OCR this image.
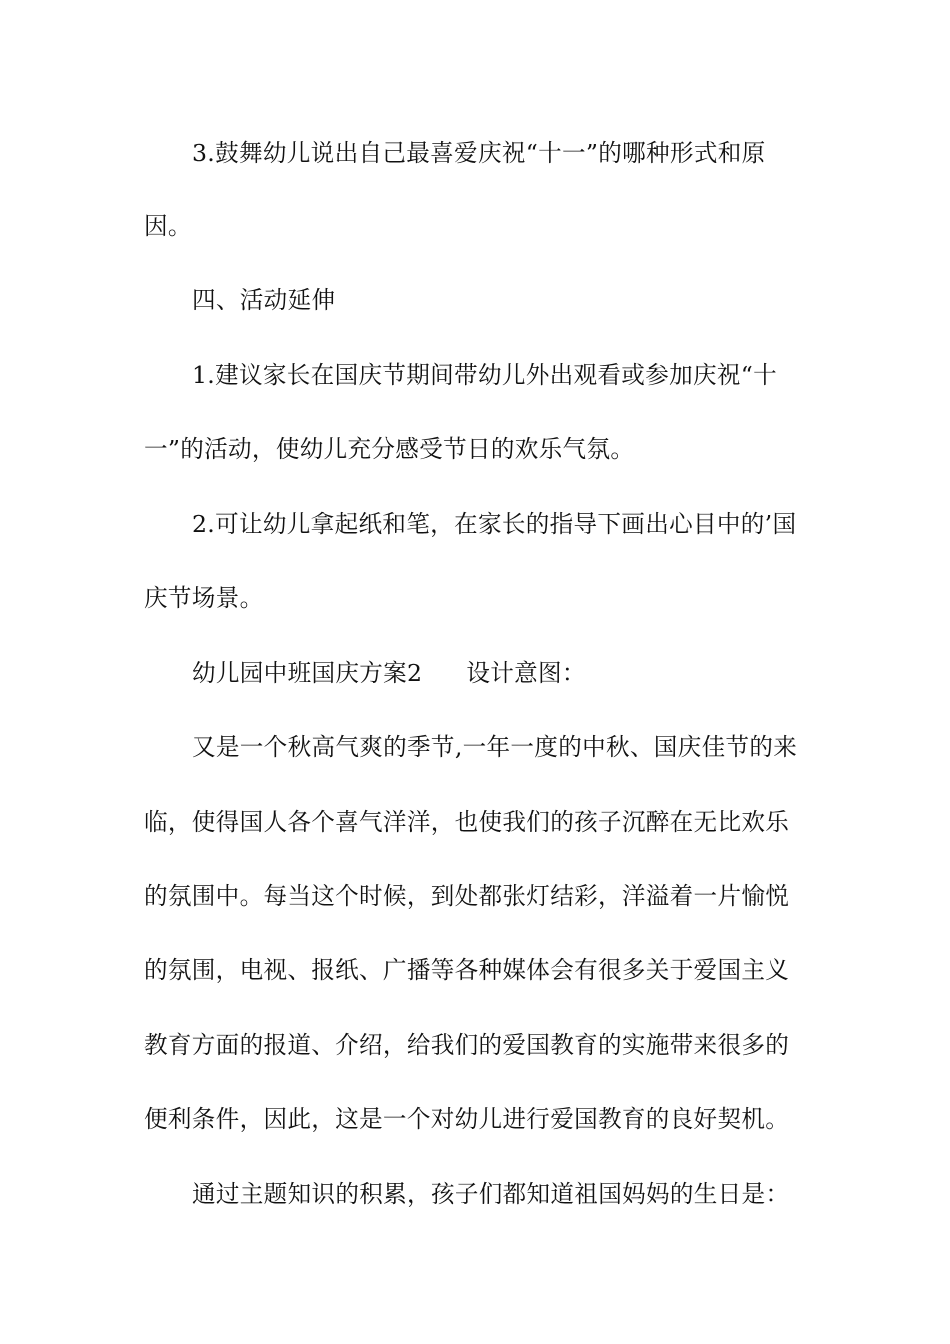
3.鼓舞幼儿说出自己最喜爱庆祝“十一”的哪种形式和原
因。
四、活动延伸
1.建议家长在国庆节期间带幼儿外出观看或参加庆祝“十
一”的活动，使幼儿充分感受节日的欢乐气氛。
2.可让幼儿拿起纸和笔，在家长的指导下画出心目中的’国
庆节场景。
幼儿园中班国庆方案2 设计意图：
又是一个秋高气爽的季节,一年一度的中秋、国庆佳节的来
临，使得国人各个喜气洋洋，也使我们的孩子沉醉在无比欢乐
的氛围中。每当这个时候，到处都张灯结彩，洋溢着一片愉悦
的氛围，电视、报纸、广播等各种媒体会有很多关于爱国主义
教育方面的报道、介绍，给我们的爱国教育的实施带来很多的
便利条件，因此，这是一个对幼儿进行爱国教育的良好契机。
通过主题知识的积累，孩子们都知道祖国妈妈的生日是：
